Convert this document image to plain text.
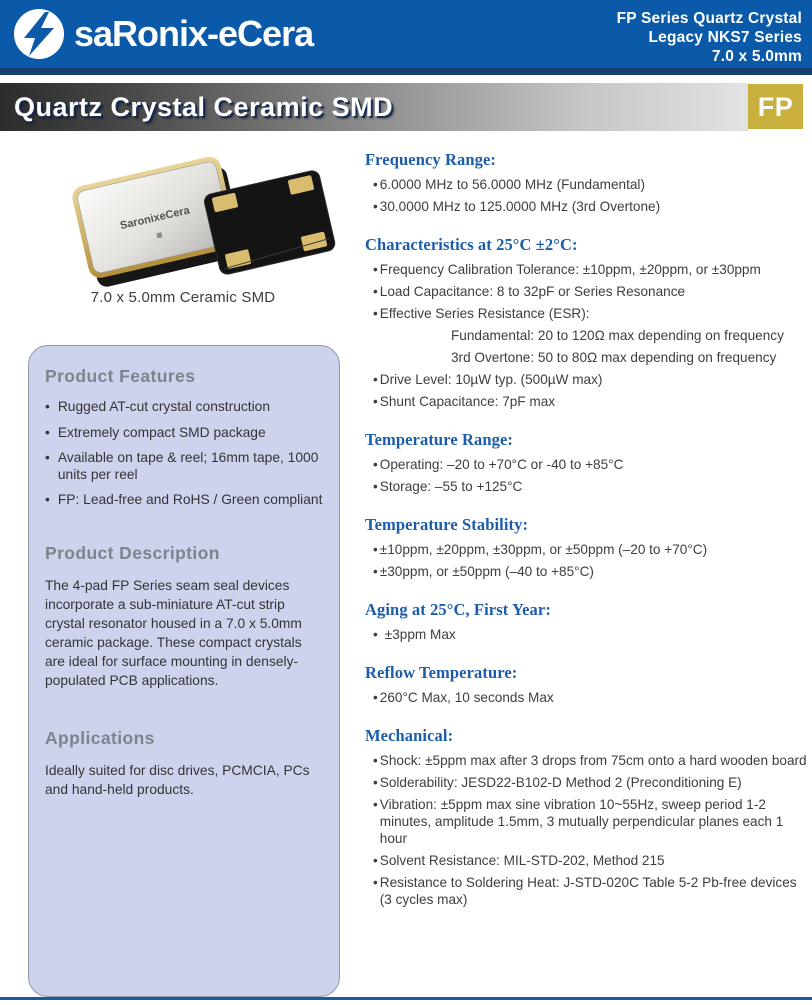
saRonix-eCera	FP Series Quartz Crystal
Legacy NKS7 Series
7.0 x 5.0mm
Quartz Crystal Ceramic SMD	FP
SaronixeCera
7.0 x 5.0mm Ceramic SMD
Product Features
• Rugged AT-cut crystal construction
• Extremely compact SMD package
• Available on tape & reel; 16mm tape, 1000 units per reel
• FP: Lead-free and RoHS / Green compliant
Product Description

The 4-pad FP Series seam seal devices incorporate a sub-miniature AT-cut strip crystal resonator housed in a 7.0 x 5.0mm ceramic package. These compact crystals are ideal for surface mounting in densely-populated PCB applications.

Applications

Ideally suited for disc drives, PCMCIA, PCs and hand-held products.

Frequency Range:
• 6.0000 MHz to 56.0000 MHz (Fundamental)
• 30.0000 MHz to 125.0000 MHz (3rd Overtone)
Characteristics at 25°C ±2°C:
• Frequency Calibration Tolerance: ±10ppm, ±20ppm, or ±30ppm
• Load Capacitance: 8 to 32pF or Series Resonance
• Effective Series Resistance (ESR):
Fundamental: 20 to 120Ω max depending on frequency
3rd Overtone: 50 to 80Ω max depending on frequency
• Drive Level: 10µW typ. (500µW max)
• Shunt Capacitance: 7pF max
Temperature Range:
• Operating: –20 to +70°C or -40 to +85°C
• Storage: –55 to +125°C
Temperature Stability:
• ±10ppm, ±20ppm, ±30ppm, or ±50ppm (–20 to +70°C)
• ±30ppm, or ±50ppm (–40 to +85°C)
Aging at 25°C, First Year:
• ±3ppm Max
Reflow Temperature:
• 260°C Max, 10 seconds Max
Mechanical:
• Shock: ±5ppm max after 3 drops from 75cm onto a hard wooden board
• Solderability: JESD22-B102-D Method 2 (Preconditioning E)
• Vibration: ±5ppm max sine vibration 10~55Hz, sweep period 1-2 minutes, amplitude 1.5mm, 3 mutually perpendicular planes each 1 hour
• Solvent Resistance: MIL-STD-202, Method 215
• Resistance to Soldering Heat: J-STD-020C Table 5-2 Pb-free devices (3 cycles max)
